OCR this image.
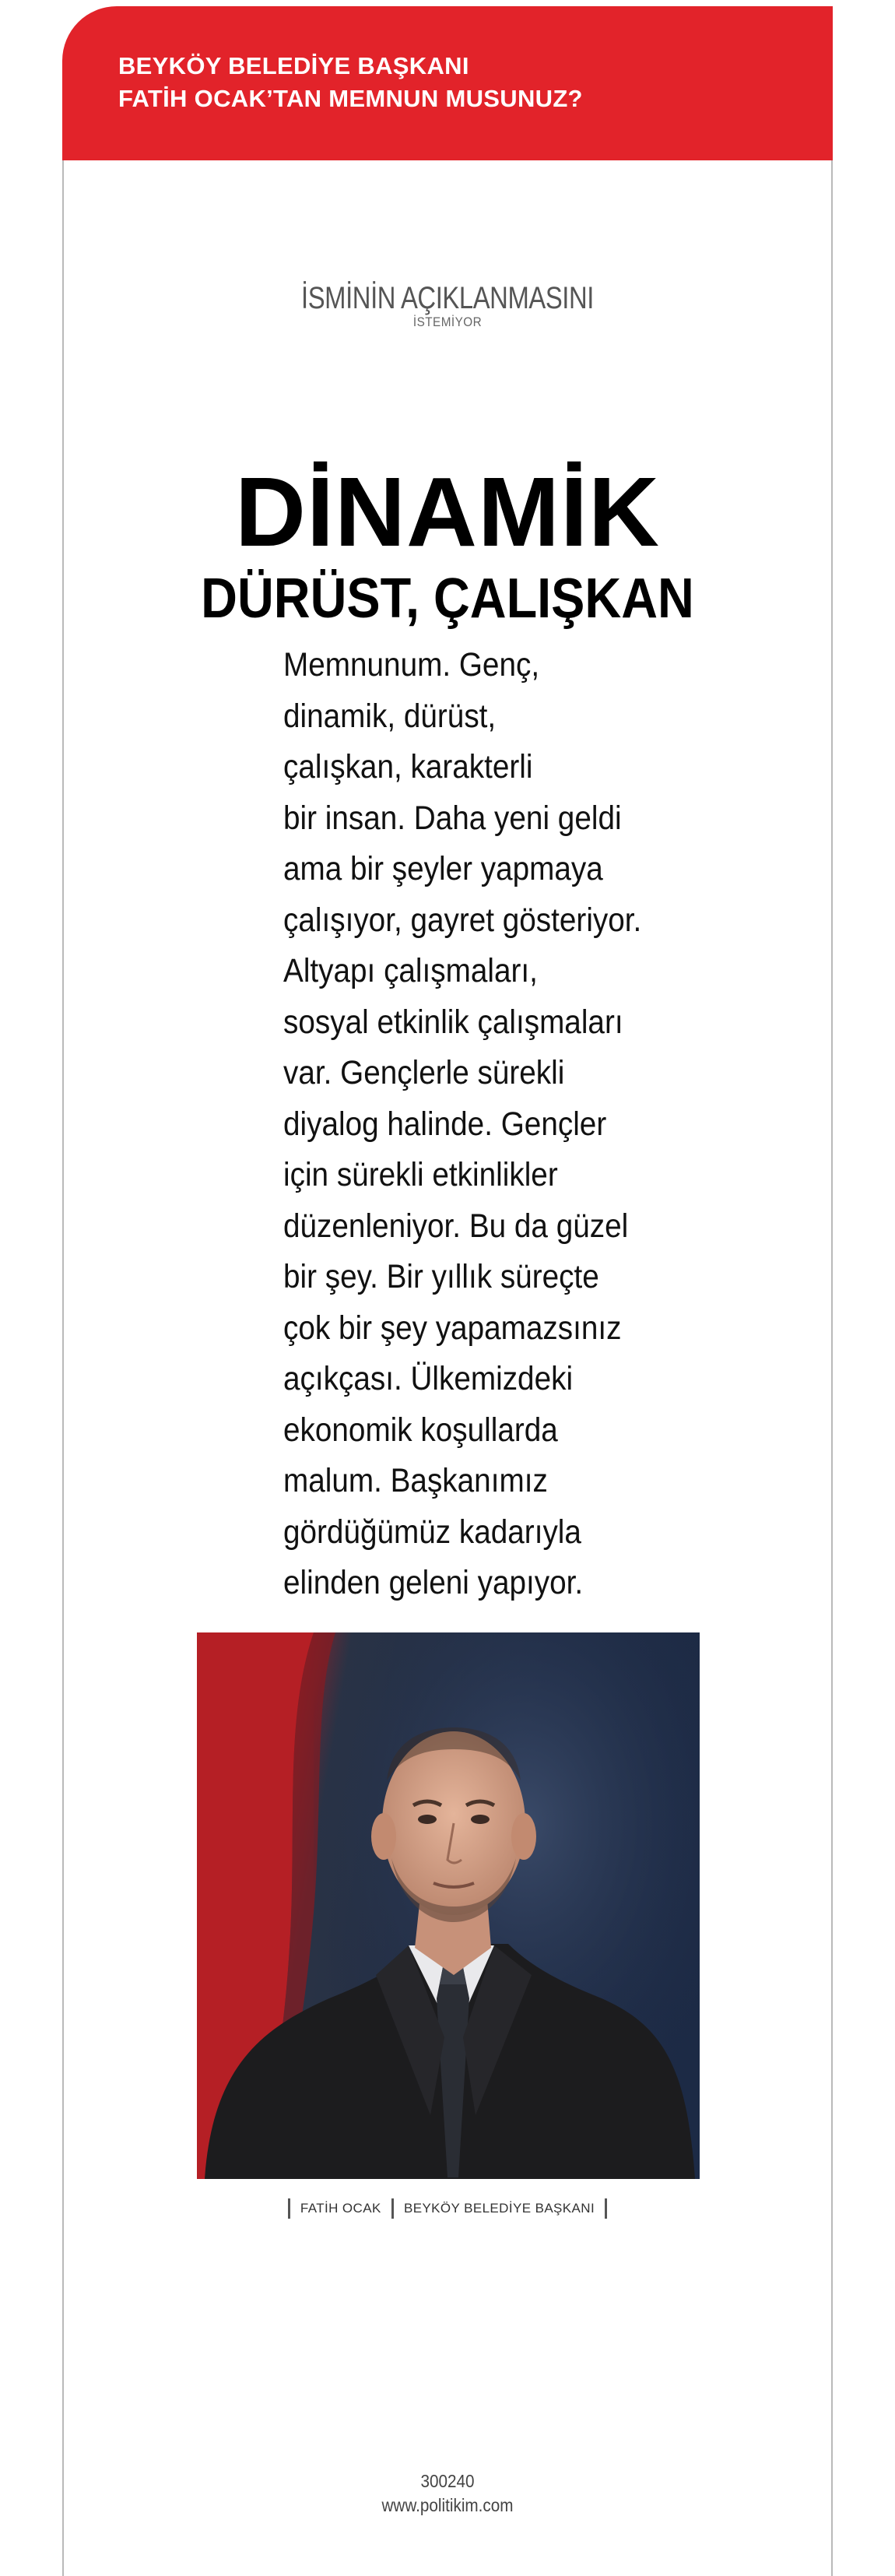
BEYKÖY BELEDİYE BAŞKANI
FATİH OCAK’TAN MEMNUN MUSUNUZ?
İSMİNİN AÇIKLANMASINI
İSTEMİYOR
DİNAMİK
DÜRÜST, ÇALIŞKAN

Memnunum. Genç,
dinamik, dürüst,
çalışkan, karakterli
bir insan. Daha yeni geldi
ama bir şeyler yapmaya
çalışıyor, gayret gösteriyor.
Altyapı çalışmaları,
sosyal etkinlik çalışmaları
var. Gençlerle sürekli
diyalog halinde. Gençler
için sürekli etkinlikler
düzenleniyor. Bu da güzel
bir şey. Bir yıllık süreçte
çok bir şey yapamazsınız
açıkçası. Ülkemizdeki
ekonomik koşullarda
malum. Başkanımız
gördüğümüz kadarıyla
elinden geleni yapıyor.

FATİH OCAK BEYKÖY BELEDİYE BAŞKANI
300240
www.politikim.com
